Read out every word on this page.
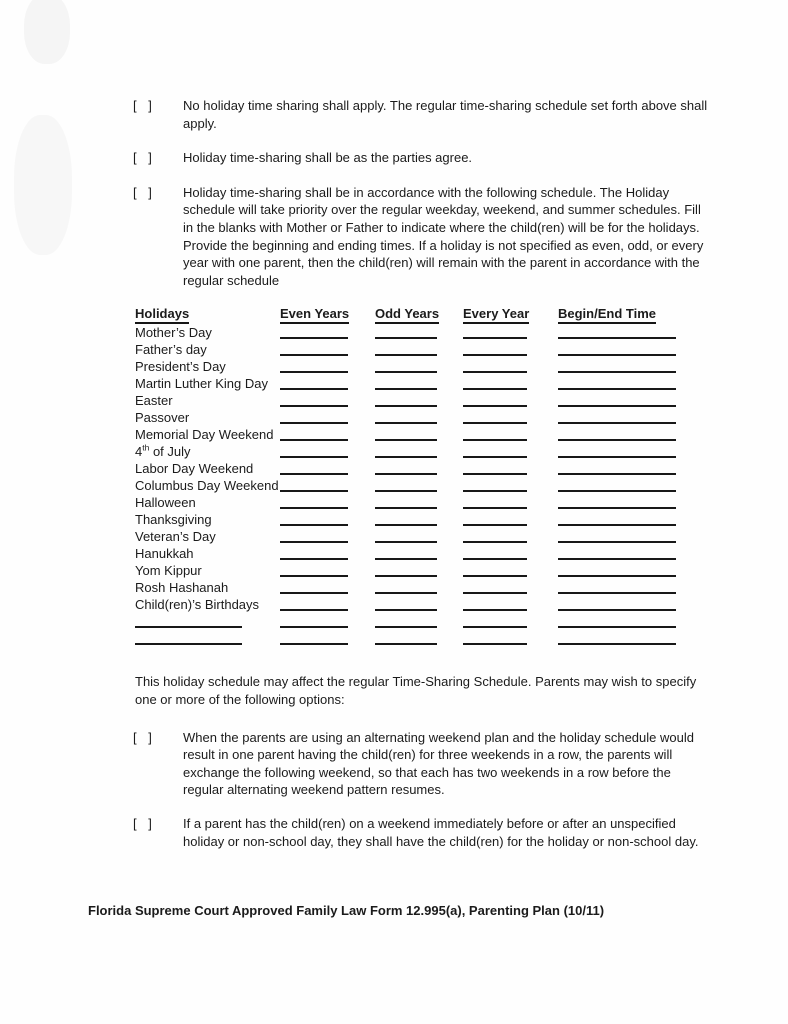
[ ]	No holiday time sharing shall apply. The regular time-sharing schedule set forth above shall apply.

[ ]	Holiday time-sharing shall be as the parties agree.

[ ]	Holiday time-sharing shall be in accordance with the following schedule. The Holiday schedule will take priority over the regular weekday, weekend, and summer schedules. Fill in the blanks with Mother or Father to indicate where the child(ren) will be for the holidays. Provide the beginning and ending times. If a holiday is not specified as even, odd, or every year with one parent, then the child(ren) will remain with the parent in accordance with the regular schedule

Holidays	Even Years	Odd Years	Every Year	Begin/End Time
Mother’s Day
Father’s day
President’s Day
Martin Luther King Day
Easter
Passover
Memorial Day Weekend
4th of July
Labor Day Weekend
Columbus Day Weekend
Halloween
Thanksgiving
Veteran’s Day
Hanukkah
Yom Kippur
Rosh Hashanah
Child(ren)’s Birthdays

This holiday schedule may affect the regular Time-Sharing Schedule. Parents may wish to specify one or more of the following options:

[ ]	When the parents are using an alternating weekend plan and the holiday schedule would result in one parent having the child(ren) for three weekends in a row, the parents will exchange the following weekend, so that each has two weekends in a row before the regular alternating weekend pattern resumes.

[ ]	If a parent has the child(ren) on a weekend immediately before or after an unspecified holiday or non-school day, they shall have the child(ren) for the holiday or non-school day.

Florida Supreme Court Approved Family Law Form 12.995(a), Parenting Plan (10/11)
